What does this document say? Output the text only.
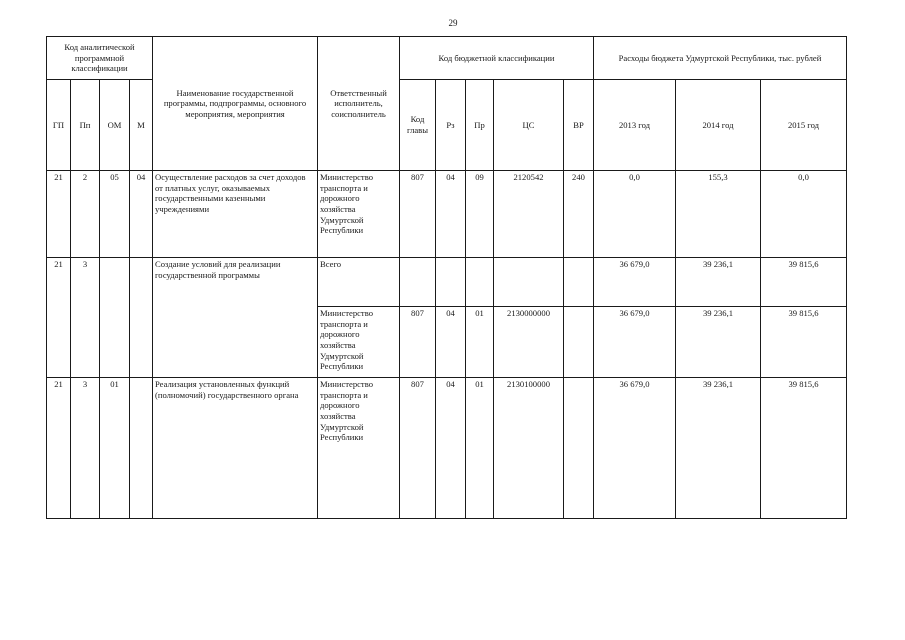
29
Код аналитической программной классификации				Наименование государственной программы, подпрограммы, основного мероприятия, мероприятия	Ответственный исполнитель, соисполнитель	Код бюджетной классификации					Расходы бюджета Удмуртской Республики, тыс. рублей		
ГП	Пп	ОМ	М			Код главы	Рз	Пр	ЦС	ВР	2013 год	2014 год	2015 год
21	2	05	04	Осуществление расходов за счет доходов от платных услуг, оказываемых государственными казенными учреждениями	Министерство транспорта и дорожного хозяйства Удмуртской Республики	807	04	09	2120542	240	0,0	155,3	0,0
21	3			Создание условий для реализации государственной программы	Всего						36 679,0	39 236,1	39 815,6
					Министерство транспорта и дорожного хозяйства Удмуртской Республики	807	04	01	2130000000		36 679,0	39 236,1	39 815,6
21	3	01		Реализация установленных функций (полномочий) государственного органа	Министерство транспорта и дорожного хозяйства Удмуртской Республики	807	04	01	2130100000		36 679,0	39 236,1	39 815,6
